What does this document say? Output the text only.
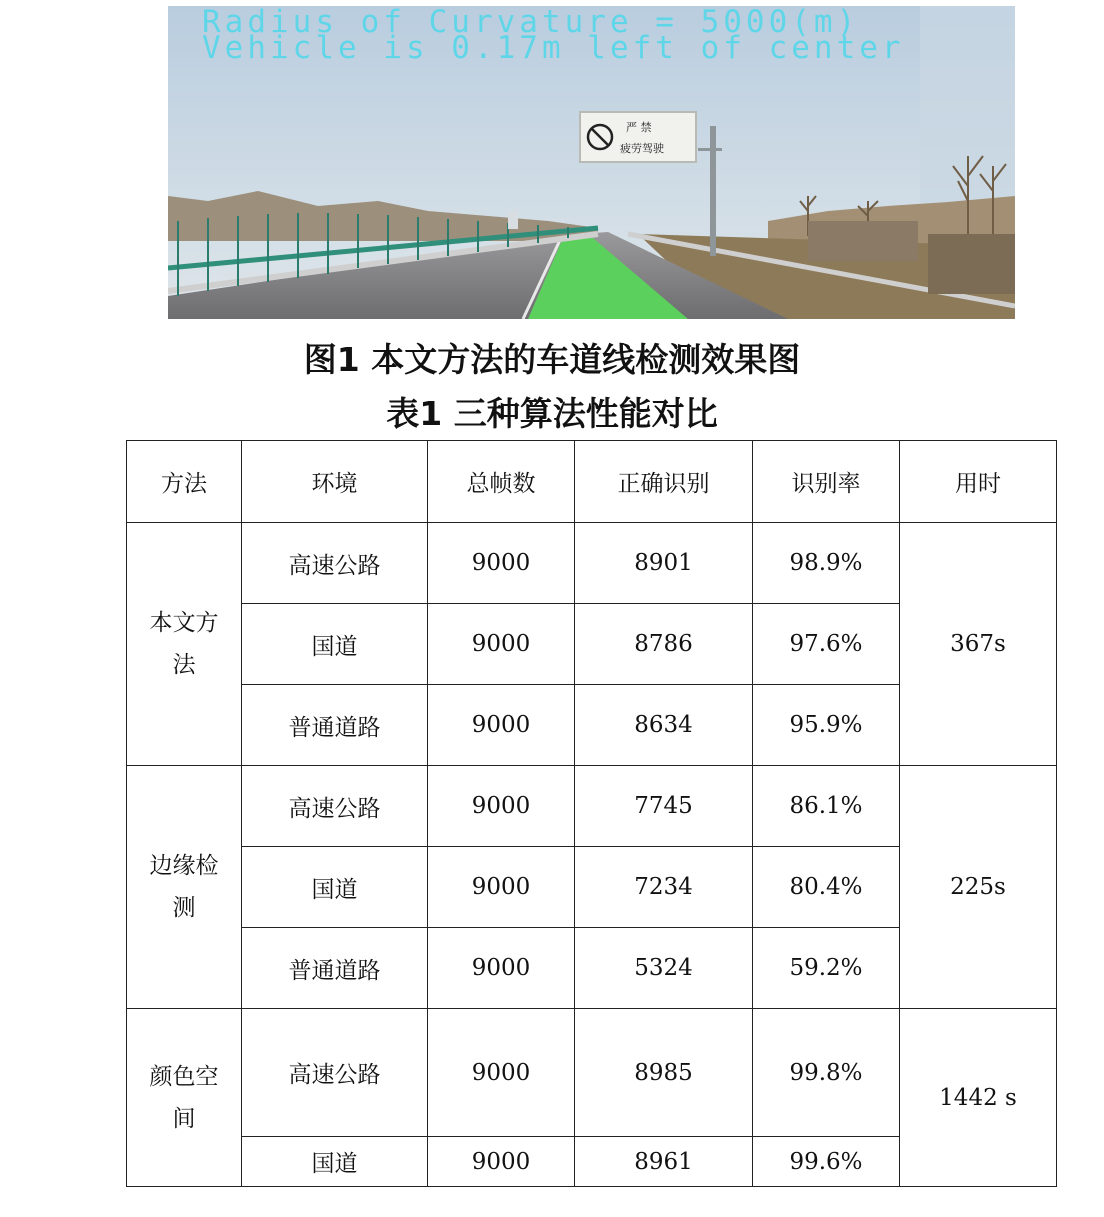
严 禁
疲劳驾驶
Radius of Curvature = 5000(m)
Vehicle is 0.17m left of center
图1 本文方法的车道线检测效果图
表1 三种算法性能对比
方法	环境	总帧数	正确识别	识别率	用时
本文方法	高速公路	9000	8901	98.9%	367s
	国道	9000	8786	97.6%	
	普通道路	9000	8634	95.9%	
边缘检测	高速公路	9000	7745	86.1%	225s
	国道	9000	7234	80.4%	
	普通道路	9000	5324	59.2%	
颜色空间	高速公路	9000	8985	99.8%	1442 s
	国道	9000	8961	99.6%	
